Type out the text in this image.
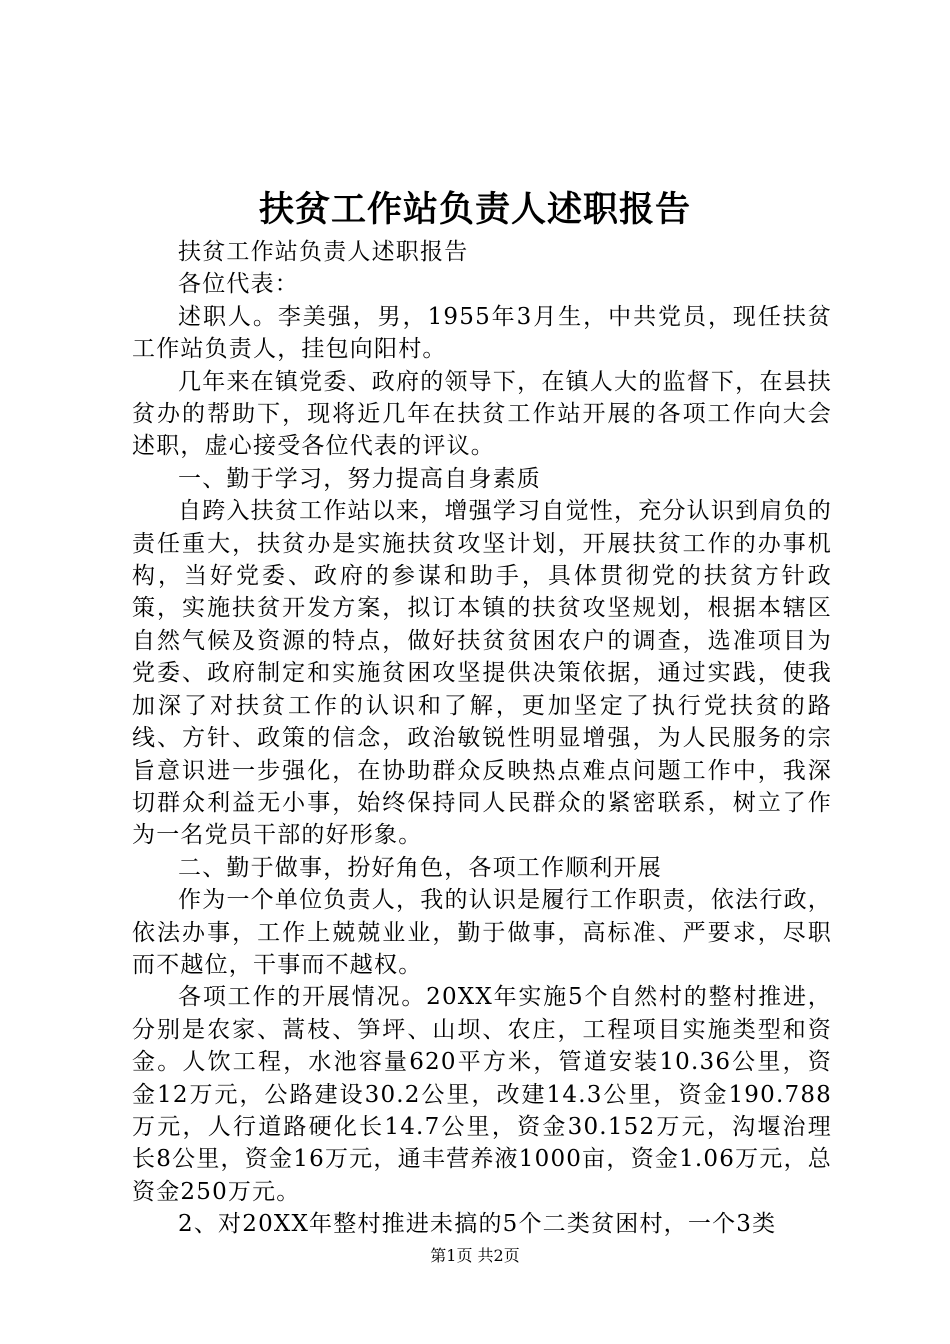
扶贫工作站负责人述职报告

扶贫工作站负责人述职报告

各位代表：

述职人。李美强，男，1955年3月生，中共党员，现任扶贫工作站负责人，挂包向阳村。

几年来在镇党委、政府的领导下，在镇人大的监督下，在县扶贫办的帮助下，现将近几年在扶贫工作站开展的各项工作向大会述职，虚心接受各位代表的评议。

一、勤于学习，努力提高自身素质

自跨入扶贫工作站以来，增强学习自觉性，充分认识到肩负的责任重大，扶贫办是实施扶贫攻坚计划，开展扶贫工作的办事机构，当好党委、政府的参谋和助手，具体贯彻党的扶贫方针政策，实施扶贫开发方案，拟订本镇的扶贫攻坚规划，根据本辖区自然气候及资源的特点，做好扶贫贫困农户的调查，选准项目为党委、政府制定和实施贫困攻坚提供决策依据，通过实践，使我加深了对扶贫工作的认识和了解，更加坚定了执行党扶贫的路线、方针、政策的信念，政治敏锐性明显增强，为人民服务的宗旨意识进一步强化，在协助群众反映热点难点问题工作中，我深切群众利益无小事，始终保持同人民群众的紧密联系，树立了作为一名党员干部的好形象。

二、勤于做事，扮好角色，各项工作顺利开展

作为一个单位负责人，我的认识是履行工作职责，依法行政，依法办事，工作上兢兢业业，勤于做事，高标准、严要求，尽职而不越位，干事而不越权。

各项工作的开展情况。20XX年实施5个自然村的整村推进，分别是农家、蒿枝、笋坪、山坝、农庄，工程项目实施类型和资金。人饮工程，水池容量620平方米，管道安装10.36公里，资金12万元，公路建设30.2公里，改建14.3公里，资金190.788万元，人行道路硬化长14.7公里，资金30.152万元，沟堰治理长8公里，资金16万元，通丰营养液1000亩，资金1.06万元，总资金250万元。

2、对20XX年整村推进未搞的5个二类贫困村，一个3类

第1页 共2页
